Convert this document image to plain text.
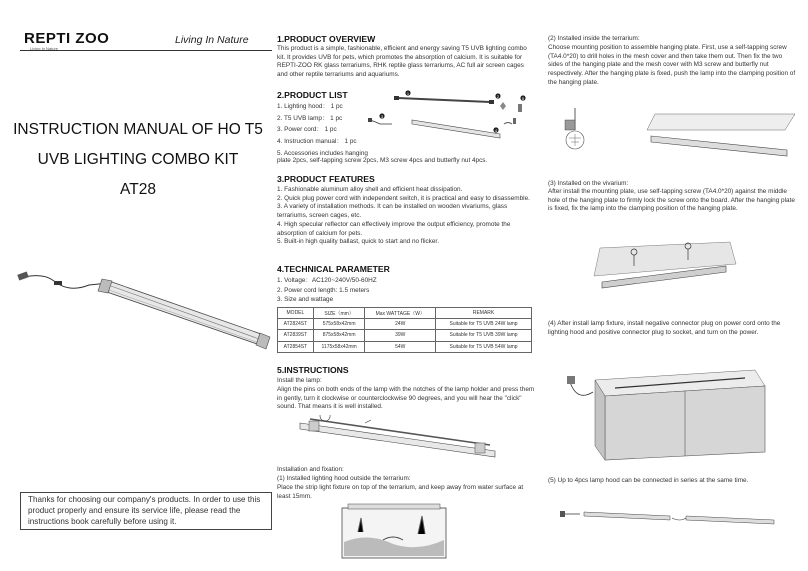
REPTI ZOO
Living In Nature
Living In Nature
INSTRUCTION MANUAL OF HO T5
UVB LIGHTING COMBO KIT
AT28
Thanks for choosing our company's products. In order to use this product properly and ensure its service life, please read the instructions book carefully before using it.
1.PRODUCT OVERVIEW
This product is a simple, fashionable, efficient and energy saving T5 UVB lighting combo kit. It provides UVB for pets, which promotes the absorption of calcium. It is suitable for REPTI-ZOO RK glass terrariums, RHK reptile glass terrariums, AC full air screen cages and other reptile terrariums and aquariums.
2.PRODUCT LIST
1. Lighting hood： 1 pc
2. T5 UVB lamp： 1 pc
3. Power cord： 1 pc
4. Instruction manual： 1 pc
5. Accessories includes hanging
plate 2pcs, self-tapping screw 2pcs, M3 screw 4pcs and butterfly nut 4pcs.
1
2
3
4
5
3.PRODUCT FEATURES
1. Fashionable aluminum alloy shell and efficient heat dissipation.
2. Quick plug power cord with independent switch, it is practical and easy to disassemble.
3. A variety of installation methods. It can be installed on wooden vivariums, glass terrariums, screen cages, etc.
4. High specular reflector can effectively improve the output efficiency, promote the absorption of calcium for pets.
5. Built-in high quality ballast, quick to start and no flicker.
4.TECHNICAL PARAMETER
1. Voltage：AC120~240V/50-60HZ
2. Power cord length: 1.5 meters
3. Size and wattage
MODEL	SIZE（mm）	Max WATTAGE（W）	REMARK
AT2824ST	575x58x42mm	24W	Suitable for T5 UVB 24W lamp
AT2839ST	875x58x42mm	39W	Suitable for T5 UVB 39W lamp
AT2854ST	1175x58x42mm	54W	Suitable for T5 UVB 54W lamp
5.INSTRUCTIONS
Install the lamp:
Align the pins on both ends of the lamp with the notches of the lamp holder and press them in gently, turn it clockwise or counterclockwise 90 degrees, and you will hear the "click" sound. That means it is well installed.
Installation and fixation:
(1) Installed lighting hood outside the terrarium:
Place the strip light fixture on top of the terrarium, and keep away from water surface at least 15mm.
(2) Installed inside the terrarium:
Choose mounting position to assemble hanging plate. First, use a self-tapping screw (TA4.0*20) to drill holes in the mesh cover and then take them out. Then fix the two sides of the hanging plate and the mesh cover with M3 screw and butterfly nut respectively. After the hanging plate is fixed, push the lamp into the clamping position of the hanging plate.
(3) Installed on the vivarium:
After install the mounting plate, use self-tapping screw (TA4.0*20) against the middle hole of the hanging plate to firmly lock the screw onto the board. After the hanging plate is fixed, fix the lamp into the clamping position of the hanging plate.
(4) After install lamp fixture, install negative connector plug on power cord onto the lighting hood and positive connector plug to socket, and turn on the power.
(5) Up to 4pcs lamp hood can be connected in series at the same time.
